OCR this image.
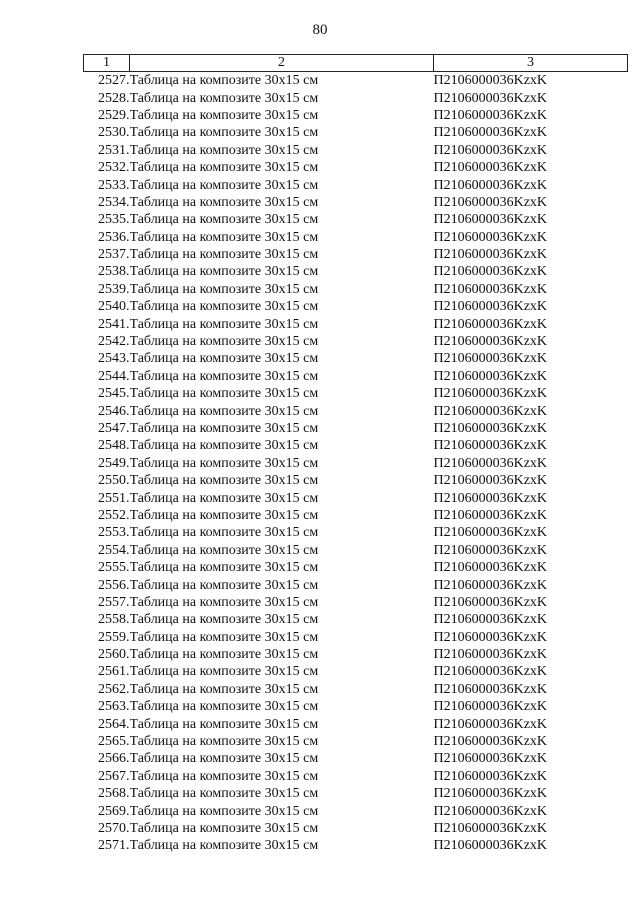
80
1	2	3
2527.	Таблица на композите 30х15 см	П2106000036KzxK
2528.	Таблица на композите 30х15 см	П2106000036KzxK
2529.	Таблица на композите 30х15 см	П2106000036KzxK
2530.	Таблица на композите 30х15 см	П2106000036KzxK
2531.	Таблица на композите 30х15 см	П2106000036KzxK
2532.	Таблица на композите 30х15 см	П2106000036KzxK
2533.	Таблица на композите 30х15 см	П2106000036KzxK
2534.	Таблица на композите 30х15 см	П2106000036KzxK
2535.	Таблица на композите 30х15 см	П2106000036KzxK
2536.	Таблица на композите 30х15 см	П2106000036KzxK
2537.	Таблица на композите 30х15 см	П2106000036KzxK
2538.	Таблица на композите 30х15 см	П2106000036KzxK
2539.	Таблица на композите 30х15 см	П2106000036KzxK
2540.	Таблица на композите 30х15 см	П2106000036KzxK
2541.	Таблица на композите 30х15 см	П2106000036KzxK
2542.	Таблица на композите 30х15 см	П2106000036KzxK
2543.	Таблица на композите 30х15 см	П2106000036KzxK
2544.	Таблица на композите 30х15 см	П2106000036KzxK
2545.	Таблица на композите 30х15 см	П2106000036KzxK
2546.	Таблица на композите 30х15 см	П2106000036KzxK
2547.	Таблица на композите 30х15 см	П2106000036KzxK
2548.	Таблица на композите 30х15 см	П2106000036KzxK
2549.	Таблица на композите 30х15 см	П2106000036KzxK
2550.	Таблица на композите 30х15 см	П2106000036KzxK
2551.	Таблица на композите 30х15 см	П2106000036KzxK
2552.	Таблица на композите 30х15 см	П2106000036KzxK
2553.	Таблица на композите 30х15 см	П2106000036KzxK
2554.	Таблица на композите 30х15 см	П2106000036KzxK
2555.	Таблица на композите 30х15 см	П2106000036KzxK
2556.	Таблица на композите 30х15 см	П2106000036KzxK
2557.	Таблица на композите 30х15 см	П2106000036KzxK
2558.	Таблица на композите 30х15 см	П2106000036KzxK
2559.	Таблица на композите 30х15 см	П2106000036KzxK
2560.	Таблица на композите 30х15 см	П2106000036KzxK
2561.	Таблица на композите 30х15 см	П2106000036KzxK
2562.	Таблица на композите 30х15 см	П2106000036KzxK
2563.	Таблица на композите 30х15 см	П2106000036KzxK
2564.	Таблица на композите 30х15 см	П2106000036KzxK
2565.	Таблица на композите 30х15 см	П2106000036KzxK
2566.	Таблица на композите 30х15 см	П2106000036KzxK
2567.	Таблица на композите 30х15 см	П2106000036KzxK
2568.	Таблица на композите 30х15 см	П2106000036KzxK
2569.	Таблица на композите 30х15 см	П2106000036KzxK
2570.	Таблица на композите 30х15 см	П2106000036KzxK
2571.	Таблица на композите 30х15 см	П2106000036KzxK
